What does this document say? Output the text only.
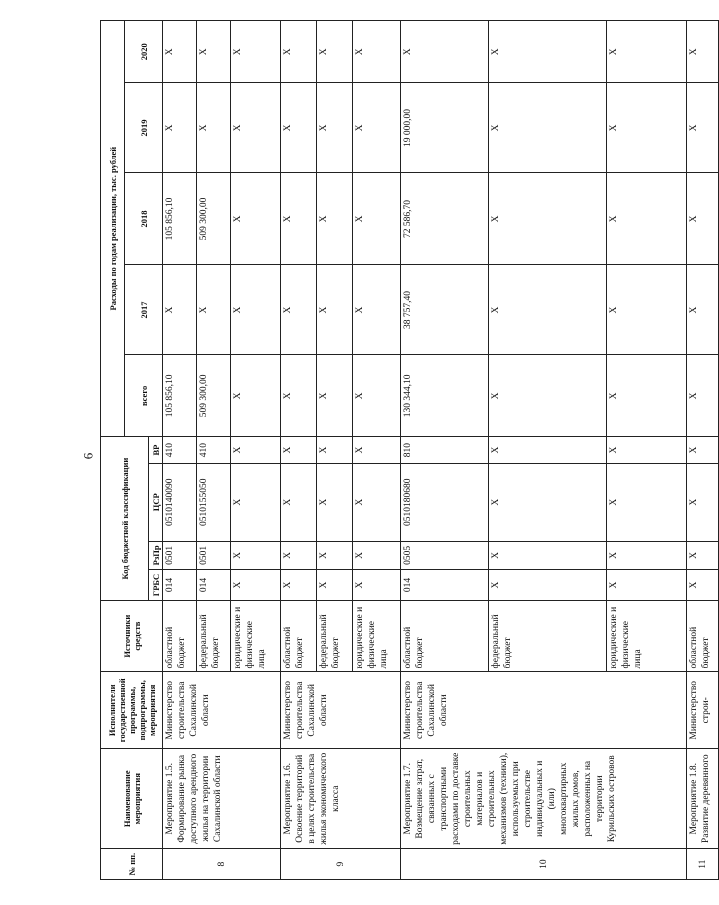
6
№ пп.	Наименование мероприятия	Исполнители государственной программы, подпрограммы, мероприятия	Источники средств	Код бюджетной классификации				Расходы по годам реализации, тыс. рублей				
								всего	2017	2018	2019	2020
				ГРБС	РзПр	ЦСР	ВР					
8	Мероприятие 1.5. Формирование рынка доступного арендного жилья на территории Сахалинской области	Министерство строительства Сахалинской области	областной бюджет	014	0501	0510140090	410	105 856,10	X	105 856,10	X	X
			федеральный бюджет	014	0501	0510155050	410	509 300,00	X	509 300,00	X	X
			юридические и физические лица	X	X	X	X	X	X	X	X	X
9	Мероприятие 1.6. Освоение территорий в целях строительства жилья экономического класса	Министерство строительства Сахалинской области	областной бюджет	X	X	X	X	X	X	X	X	X
			федеральный бюджет	X	X	X	X	X	X	X	X	X
			юридические и физические лица	X	X	X	X	X	X	X	X	X
10	Мероприятие 1.7. Возмещение затрат, связанных с транспортными расходами по доставке строительных материалов и строительных механизмов (техники), используемых при строительстве индивидуальных и (или) многоквартирных жилых домов, расположенных на территории Курильских островов	Министерство строительства Сахалинской области	областной бюджет	014	0505	0510180680	810	130 344,10	38 757,40	72 586,70	19 000,00	X
			федеральный бюджет	X	X	X	X	X	X	X	X	X
			юридические и физические лица	X	X	X	X	X	X	X	X	X
11	Мероприятие 1.8. Развитие деревянного	Министерство строи-	областной бюджет	X	X	X	X	X	X	X	X	X
